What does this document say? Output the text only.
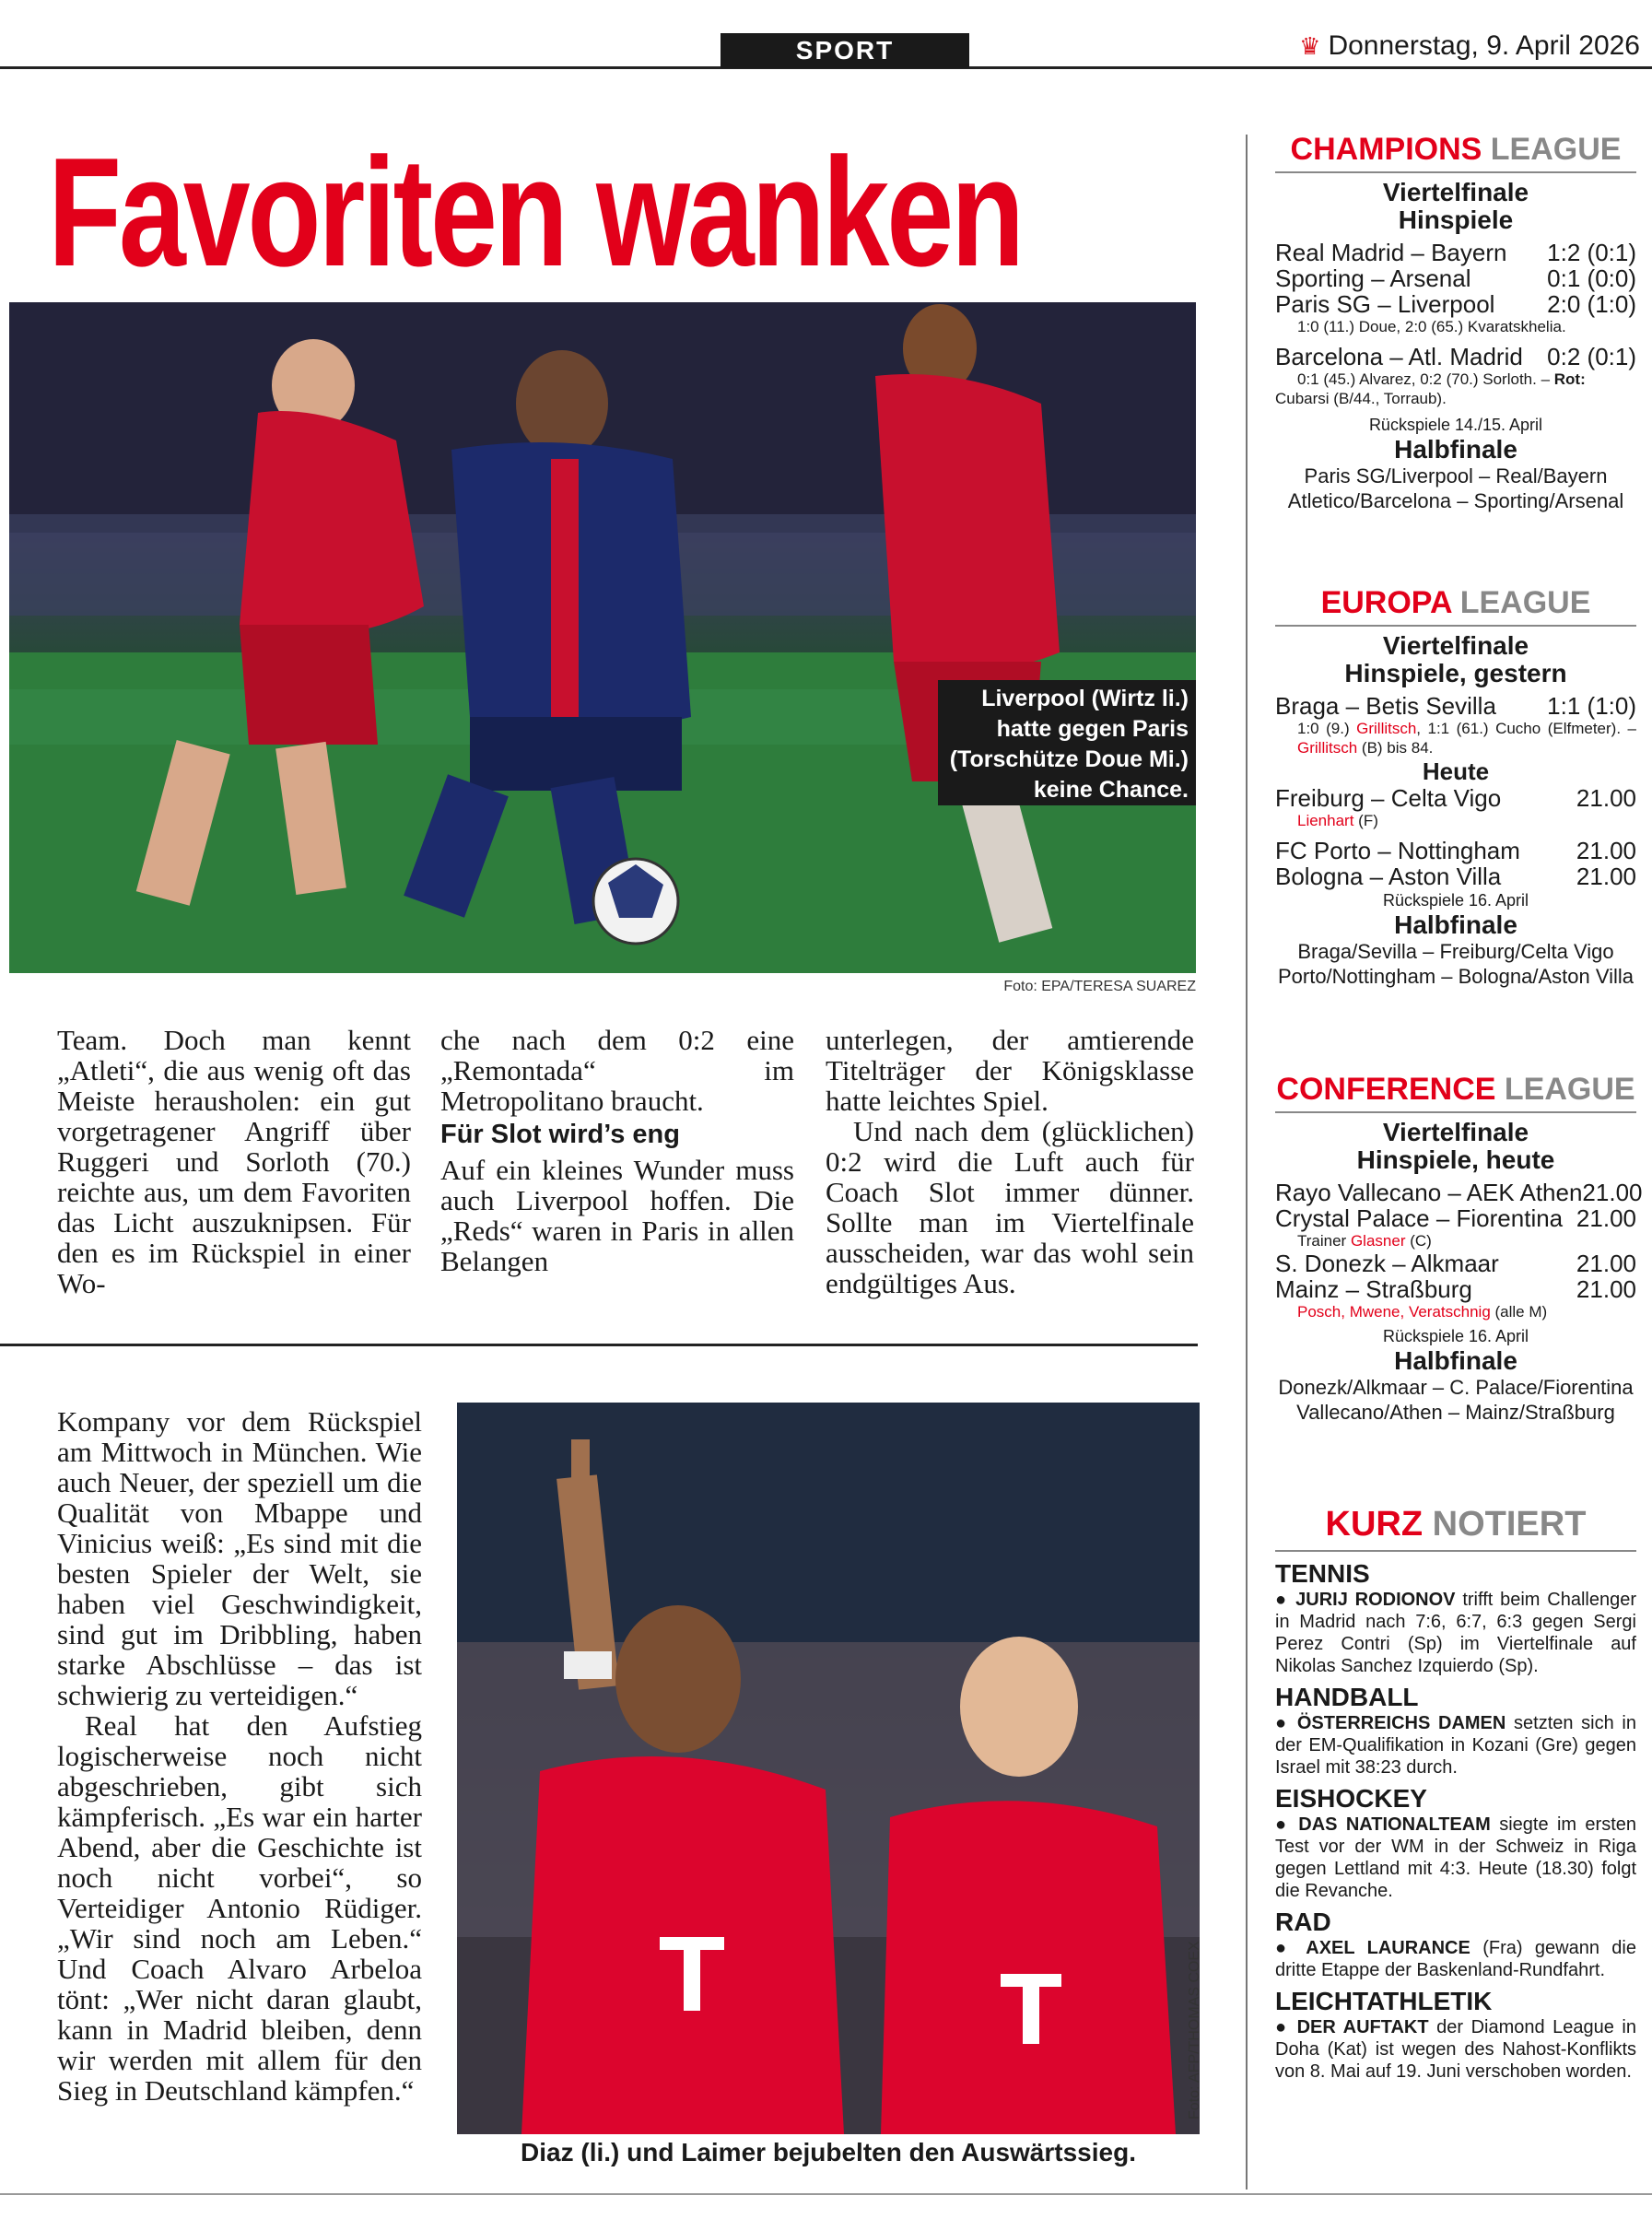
SPORT	♛ Donnerstag, 9. April 2026
Favoriten wanken
Liverpool (Wirtz li.) hatte gegen Paris (Torschütze Doue Mi.) keine Chance.
Foto: EPA/TERESA SUAREZ

Team. Doch man kennt „Atleti“, die aus wenig oft das Meiste herausholen: ein gut vorgetragener Angriff über Ruggeri und Sorloth (70.) reichte aus, um dem Favoriten das Licht auszuknipsen. Für den es im Rückspiel in einer Wo-

che nach dem 0:2 eine „Remontada“ im Metropolitano braucht.

Für Slot wird’s eng

Auf ein kleines Wunder muss auch Liverpool hoffen. Die „Reds“ waren in Paris in allen Belangen

unterlegen, der amtierende Titelträger der Königsklasse hatte leichtes Spiel.

Und nach dem (glücklichen) 0:2 wird die Luft auch für Coach Slot immer dünner. Sollte man im Viertelfinale ausscheiden, war das wohl sein endgültiges Aus.

Kompany vor dem Rückspiel am Mittwoch in München. Wie auch Neuer, der speziell um die Qualität von Mbappe und Vinicius weiß: „Es sind mit die besten Spieler der Welt, sie haben viel Geschwindigkeit, sind gut im Dribbling, haben starke Abschlüsse – das ist schwierig zu verteidigen.“

Real hat den Aufstieg logischerweise noch nicht abgeschrieben, gibt sich kämpferisch. „Es war ein harter Abend, aber die Geschichte ist noch nicht vorbei“, so Verteidiger Antonio Rüdiger. „Wir sind noch am Leben.“ Und Coach Alvaro Arbeloa tönt: „Wer nicht daran glaubt, kann in Madrid bleiben, denn wir werden mit allem für den Sieg in Deutschland kämpfen.“	Foto: AFP/THOMAS COEX
Diaz (li.) und Laimer bejubelten den Auswärtssieg.
CHAMPIONS LEAGUE
Viertelfinale
Hinspiele
Real Madrid – Bayern 1:2 (0:1)
Sporting – Arsenal	0:1 (0:0)
Paris SG – Liverpool 2:0 (1:0)
1:0 (11.) Doue, 2:0 (65.) Kvaratskhelia.
Barcelona – Atl. Madrid 0:2 (0:1)
0:1 (45.) Alvarez, 0:2 (70.) Sorloth. – Rot:
Cubarsi (B/44., Torraub).
Rückspiele 14./15. April
Halbfinale
Paris SG/Liverpool – Real/Bayern
Atletico/Barcelona – Sporting/Arsenal
EUROPA LEAGUE
Viertelfinale
Hinspiele, gestern
Braga – Betis Sevilla 1:1 (1:0)
1:0 (9.) Grillitsch, 1:1 (61.) Cucho (Elfmeter). – Grillitsch (B) bis 84.
Heute
Freiburg – Celta Vigo	21.00
Lienhart (F)
FC Porto – Nottingham 21.00
Bologna – Aston Villa	21.00
Rückspiele 16. April
Halbfinale
Braga/Sevilla – Freiburg/Celta Vigo
Porto/Nottingham – Bologna/Aston Villa
CONFERENCE LEAGUE
Viertelfinale
Hinspiele, heute
Rayo Vallecano – AEK Athen 21.00
Crystal Palace – Fiorentina 21.00
Trainer Glasner (C)
S. Donezk – Alkmaar	21.00
Mainz – Straßburg	21.00
Posch, Mwene, Veratschnig (alle M)
Rückspiele 16. April
Halbfinale
Donezk/Alkmaar – C. Palace/Fiorentina
Vallecano/Athen – Mainz/Straßburg
KURZ NOTIERT
TENNIS
● JURIJ RODIONOV trifft beim Challenger in Madrid nach 7:6, 6:7, 6:3 gegen Sergi Perez Contri (Sp) im Viertelfinale auf Nikolas Sanchez Izquierdo (Sp).
HANDBALL
● ÖSTERREICHS DAMEN setzten sich in der EM-Qualifikation in Kozani (Gre) gegen Israel mit 38:23 durch.
EISHOCKEY
● DAS NATIONALTEAM siegte im ersten Test vor der WM in der Schweiz in Riga gegen Lettland mit 4:3. Heute (18.30) folgt die Revanche.
RAD
● AXEL LAURANCE (Fra) gewann die dritte Etappe der Baskenland-Rundfahrt.
LEICHTATHLETIK
● DER AUFTAKT der Diamond League in Doha (Kat) ist wegen des Nahost-Konflikts von 8. Mai auf 19. Juni verschoben worden.
